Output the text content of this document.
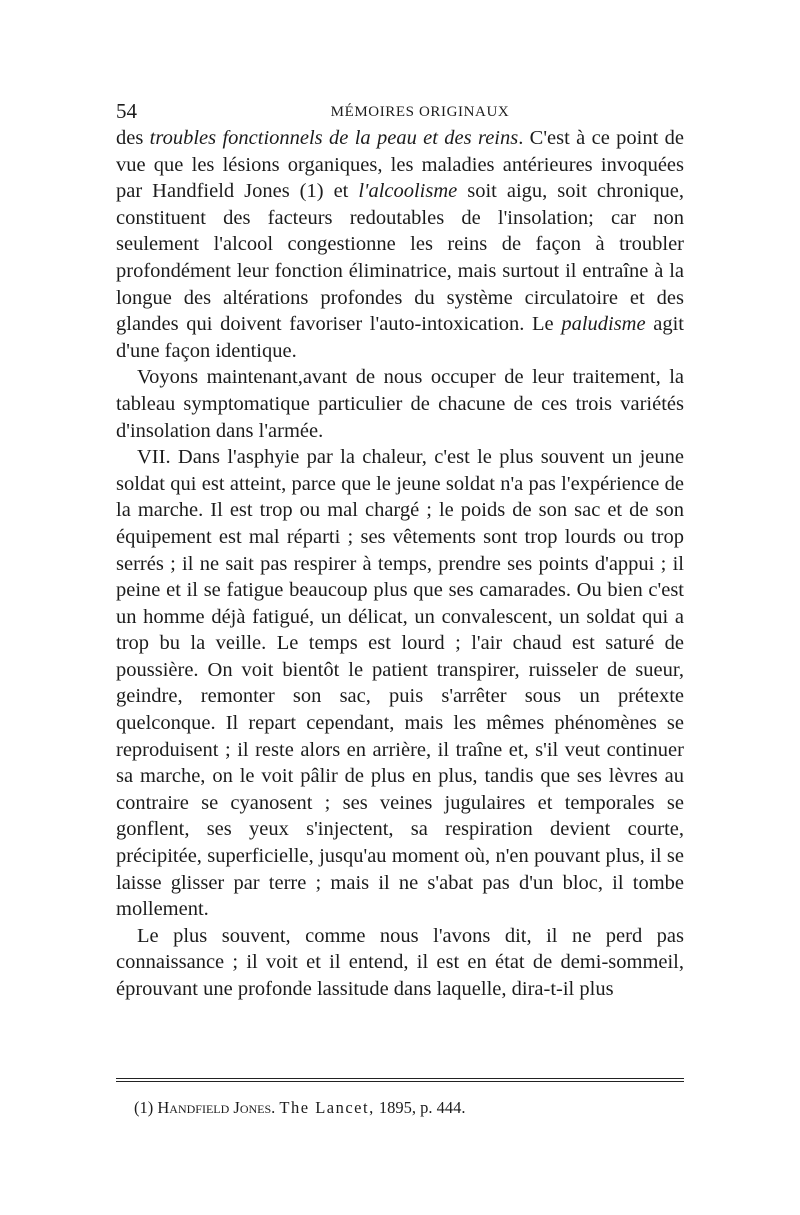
54	MÉMOIRES ORIGINAUX

des troubles fonctionnels de la peau et des reins. C'est à ce point de vue que les lésions organiques, les maladies antérieures invoquées par Handfield Jones (1) et l'alcoolisme soit aigu, soit chronique, constituent des facteurs redoutables de l'insolation; car non seulement l'alcool congestionne les reins de façon à troubler profondément leur fonction éliminatrice, mais surtout il entraîne à la longue des altérations profondes du système circulatoire et des glandes qui doivent favoriser l'auto-intoxication. Le paludisme agit d'une façon identique.

Voyons maintenant,avant de nous occuper de leur traitement, la tableau symptomatique particulier de chacune de ces trois variétés d'insolation dans l'armée.

VII. Dans l'asphyie par la chaleur, c'est le plus souvent un jeune soldat qui est atteint, parce que le jeune soldat n'a pas l'expérience de la marche. Il est trop ou mal chargé ; le poids de son sac et de son équipement est mal réparti ; ses vêtements sont trop lourds ou trop serrés ; il ne sait pas respirer à temps, prendre ses points d'appui ; il peine et il se fatigue beaucoup plus que ses camarades. Ou bien c'est un homme déjà fatigué, un délicat, un convalescent, un soldat qui a trop bu la veille. Le temps est lourd ; l'air chaud est saturé de poussière. On voit bientôt le patient transpirer, ruisseler de sueur, geindre, remonter son sac, puis s'arrêter sous un prétexte quelconque. Il repart cependant, mais les mêmes phénomènes se reproduisent ; il reste alors en arrière, il traîne et, s'il veut continuer sa marche, on le voit pâlir de plus en plus, tandis que ses lèvres au contraire se cyanosent ; ses veines jugulaires et temporales se gonflent, ses yeux s'injectent, sa respiration devient courte, précipitée, superficielle, jusqu'au moment où, n'en pouvant plus, il se laisse glisser par terre ; mais il ne s'abat pas d'un bloc, il tombe mollement.

Le plus souvent, comme nous l'avons dit, il ne perd pas connaissance ; il voit et il entend, il est en état de demi-sommeil, éprouvant une profonde lassitude dans laquelle, dira-t-il plus

(1) Handfield Jones. The Lancet, 1895, p. 444.
